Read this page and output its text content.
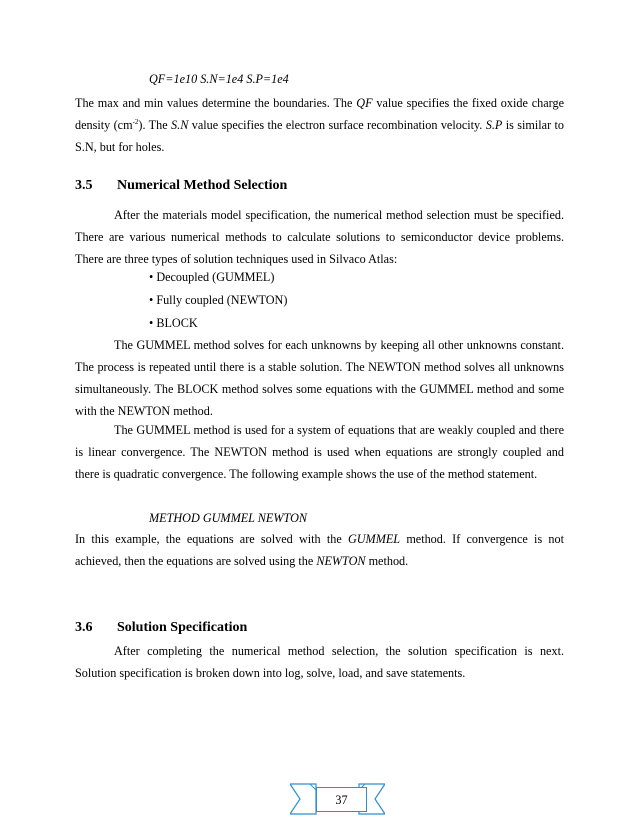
QF=1e10 S.N=1e4 S.P=1e4
The max and min values determine the boundaries. The QF value specifies the fixed oxide charge density $(cm^{-2})$. The S.N value specifies the electron surface recombination velocity. S.P is similar to S.N, but for holes.
3.5 Numerical Method Selection
After the materials model specification, the numerical method selection must be specified. There are various numerical methods to calculate solutions to semiconductor device problems. There are three types of solution techniques used in Silvaco Atlas:
• Decoupled (GUMMEL)
• Fully coupled (NEWTON)
• BLOCK
The GUMMEL method solves for each unknowns by keeping all other unknowns constant. The process is repeated until there is a stable solution. The NEWTON method solves all unknowns simultaneously. The BLOCK method solves some equations with the GUMMEL method and some with the NEWTON method.
The GUMMEL method is used for a system of equations that are weakly coupled and there is linear convergence. The NEWTON method is used when equations are strongly coupled and there is quadratic convergence. The following example shows the use of the method statement.
METHOD GUMMEL NEWTON
In this example, the equations are solved with the GUMMEL method. If convergence is not achieved, then the equations are solved using the NEWTON method.
3.6 Solution Specification
After completing the numerical method selection, the solution specification is next. Solution specification is broken down into log, solve, load, and save statements.
37
